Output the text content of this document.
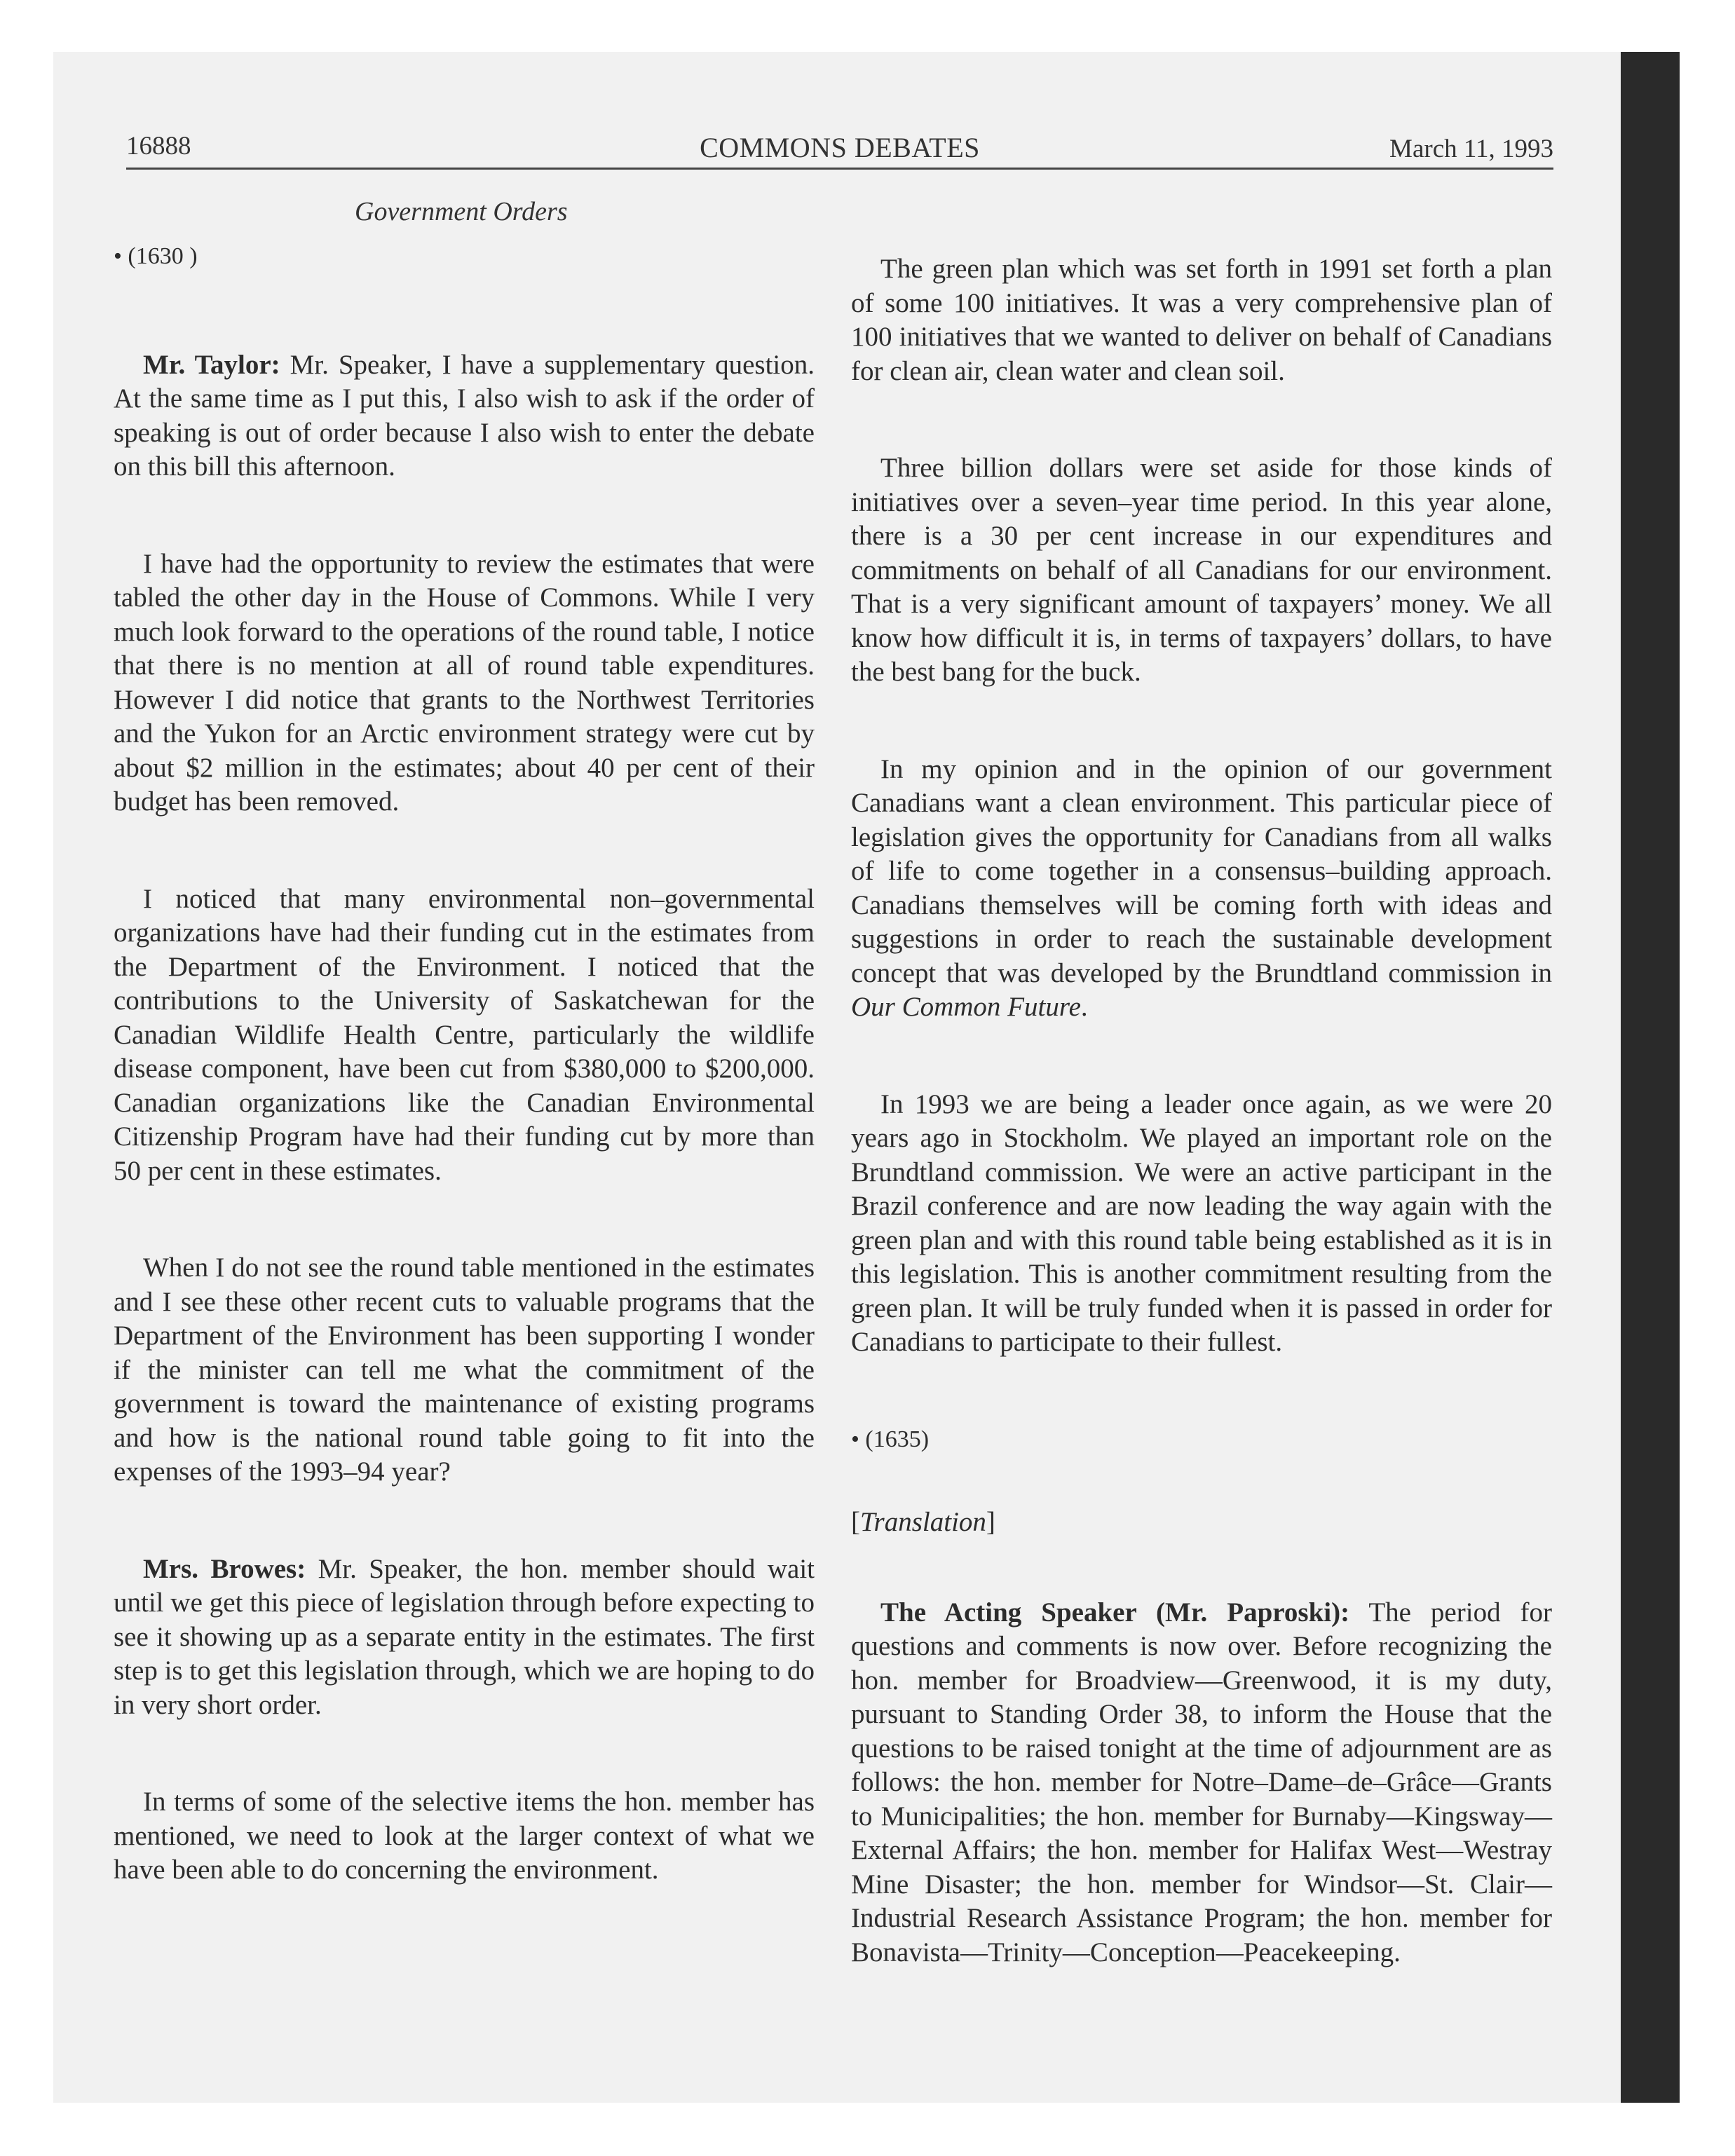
16888	COMMONS DEBATES	March 11, 1993
Government Orders

• (1630 )

Mr. Taylor: Mr. Speaker, I have a supplementary question. At the same time as I put this, I also wish to ask if the order of speaking is out of order because I also wish to enter the debate on this bill this afternoon.

I have had the opportunity to review the estimates that were tabled the other day in the House of Commons. While I very much look forward to the operations of the round table, I notice that there is no mention at all of round table expenditures. However I did notice that grants to the Northwest Territories and the Yukon for an Arctic environment strategy were cut by about $2 million in the estimates; about 40 per cent of their budget has been removed.

I noticed that many environmental non–governmental organizations have had their funding cut in the estimates from the Department of the Environment. I noticed that the contributions to the University of Saskatchewan for the Canadian Wildlife Health Centre, particularly the wildlife disease component, have been cut from $380,000 to $200,000. Canadian organizations like the Canadian Environmental Citizenship Program have had their funding cut by more than 50 per cent in these estimates.

When I do not see the round table mentioned in the estimates and I see these other recent cuts to valuable programs that the Department of the Environment has been supporting I wonder if the minister can tell me what the commitment of the government is toward the maintenance of existing programs and how is the national round table going to fit into the expenses of the 1993–94 year?

Mrs. Browes: Mr. Speaker, the hon. member should wait until we get this piece of legislation through before expecting to see it showing up as a separate entity in the estimates. The first step is to get this legislation through, which we are hoping to do in very short order.

In terms of some of the selective items the hon. member has mentioned, we need to look at the larger context of what we have been able to do concerning the environment.

The green plan which was set forth in 1991 set forth a plan of some 100 initiatives. It was a very comprehensive plan of 100 initiatives that we wanted to deliver on behalf of Canadians for clean air, clean water and clean soil.

Three billion dollars were set aside for those kinds of initiatives over a seven–year time period. In this year alone, there is a 30 per cent increase in our expenditures and commitments on behalf of all Canadians for our environment. That is a very significant amount of taxpayers’ money. We all know how difficult it is, in terms of taxpayers’ dollars, to have the best bang for the buck.

In my opinion and in the opinion of our government Canadians want a clean environment. This particular piece of legislation gives the opportunity for Canadians from all walks of life to come together in a consensus–building approach. Canadians themselves will be coming forth with ideas and suggestions in order to reach the sustainable development concept that was developed by the Brundtland commission in Our Common Future.

In 1993 we are being a leader once again, as we were 20 years ago in Stockholm. We played an important role on the Brundtland commission. We were an active participant in the Brazil conference and are now leading the way again with the green plan and with this round table being established as it is in this legislation. This is another commitment resulting from the green plan. It will be truly funded when it is passed in order for Canadians to participate to their fullest.

• (1635)

[Translation]

The Acting Speaker (Mr. Paproski): The period for questions and comments is now over. Before recognizing the hon. member for Broadview—Greenwood, it is my duty, pursuant to Standing Order 38, to inform the House that the questions to be raised tonight at the time of adjournment are as follows: the hon. member for Notre–Dame–de–Grâce—Grants to Municipalities; the hon. member for Burnaby—Kingsway—External Affairs; the hon. member for Halifax West—Westray Mine Disaster; the hon. member for Windsor—St. Clair—Industrial Research Assistance Program; the hon. member for Bonavista—Trinity—Conception—Peacekeeping.
